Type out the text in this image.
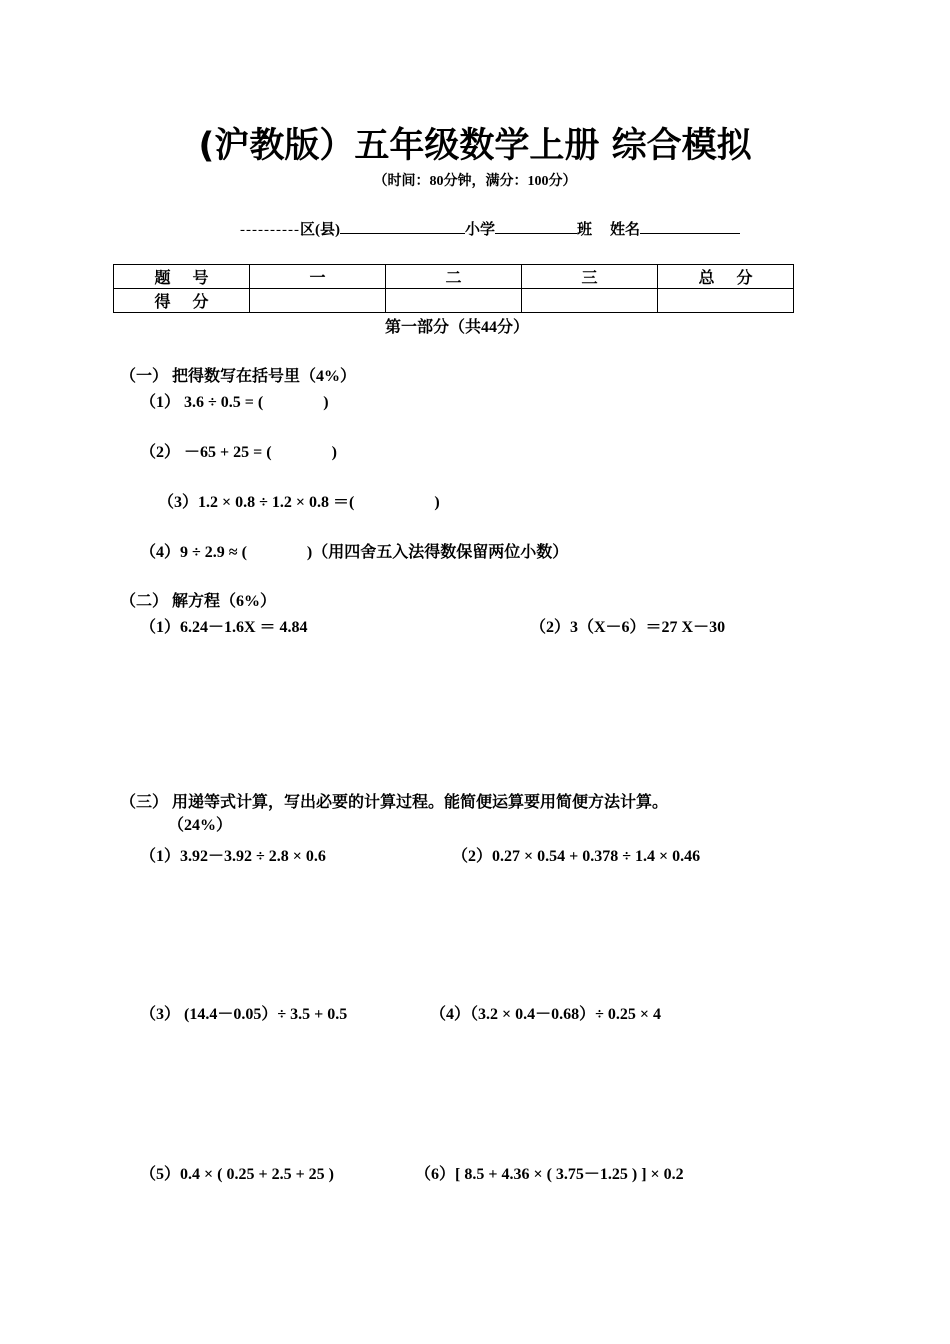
(沪教版）五年级数学上册 综合模拟
（时间：80分钟，满分：100分）
----------区(县)	小学	班 姓名
题 号	一	二	三	总 分
得 分				
第一部分（共44分）
（一） 把得数写在括号里（4%）
（1） 3.6 ÷ 0.5 = (               )
（2） －65 + 25 = (               )
（3）1.2 × 0.8 ÷ 1.2 × 0.8 ＝(                    )
（4）9 ÷ 2.9 ≈ (               )（用四舍五入法得数保留两位小数）
（二） 解方程（6%）
（1）6.24－1.6X ＝ 4.84	（2）3（X－6）＝27 X－30
（三） 用递等式计算，写出必要的计算过程。能简便运算要用简便方法计算。
（24%）
（1）3.92－3.92 ÷ 2.8 × 0.6	（2）0.27 × 0.54 + 0.378 ÷ 1.4 × 0.46
（3） (14.4－0.05）÷ 3.5 + 0.5	（4）（3.2 × 0.4－0.68）÷ 0.25 × 4
（5）0.4 × ( 0.25 + 2.5 + 25 )	（6）[ 8.5 + 4.36 × ( 3.75－1.25 ) ] × 0.2
